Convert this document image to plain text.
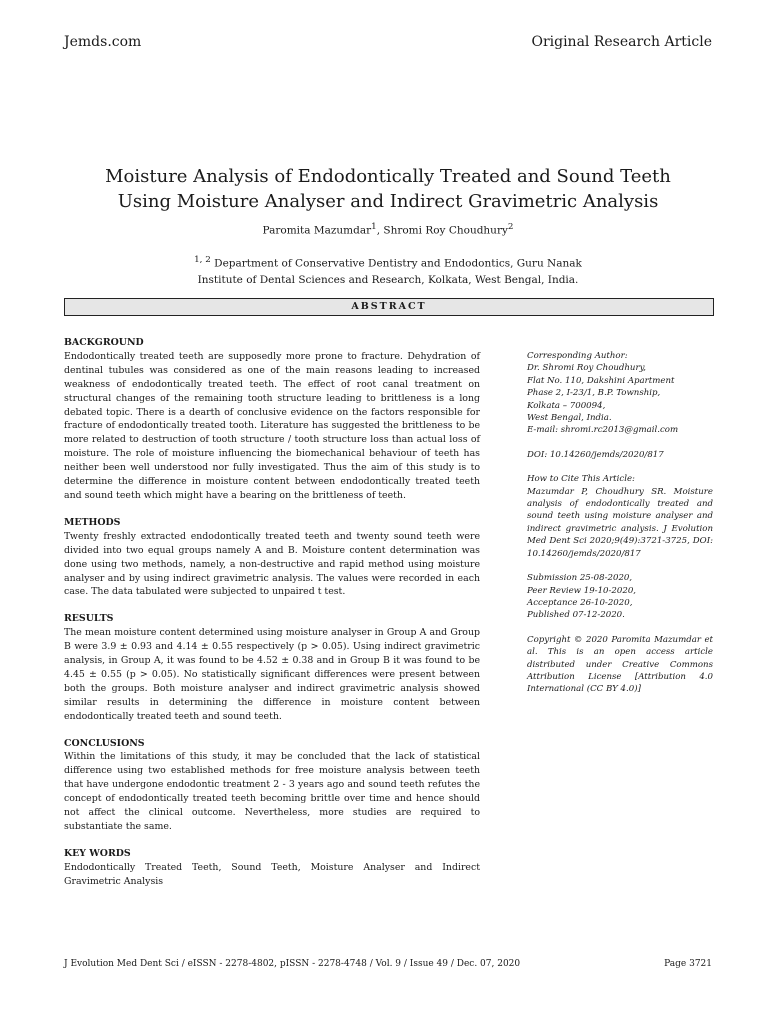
Jemds.com	Original Research Article
Moisture Analysis of Endodontically Treated and Sound Teeth
Using Moisture Analyser and Indirect Gravimetric Analysis
Paromita Mazumdar$^1$, Shromi Roy Choudhury$^2$
$^{1, 2}$ Department of Conservative Dentistry and Endodontics, Guru Nanak
Institute of Dental Sciences and Research, Kolkata, West Bengal, India.
ABSTRACT
BACKGROUND

Endodontically treated teeth are supposedly more prone to fracture. Dehydration of dentinal tubules was considered as one of the main reasons leading to increased weakness of endodontically treated teeth. The effect of root canal treatment on structural changes of the remaining tooth structure leading to brittleness is a long debated topic. There is a dearth of conclusive evidence on the factors responsible for fracture of endodontically treated tooth. Literature has suggested the brittleness to be more related to destruction of tooth structure / tooth structure loss than actual loss of moisture. The role of moisture influencing the biomechanical behaviour of teeth has neither been well understood nor fully investigated. Thus the aim of this study is to determine the difference in moisture content between endodontically treated teeth and sound teeth which might have a bearing on the brittleness of teeth.

METHODS

Twenty freshly extracted endodontically treated teeth and twenty sound teeth were divided into two equal groups namely A and B. Moisture content determination was done using two methods, namely, a non-destructive and rapid method using moisture analyser and by using indirect gravimetric analysis. The values were recorded in each case. The data tabulated were subjected to unpaired t test.

RESULTS

The mean moisture content determined using moisture analyser in Group A and Group B were 3.9 ± 0.93 and 4.14 ± 0.55 respectively (p > 0.05). Using indirect gravimetric analysis, in Group A, it was found to be 4.52 ± 0.38 and in Group B it was found to be 4.45 ± 0.55 (p > 0.05). No statistically significant differences were present between both the groups. Both moisture analyser and indirect gravimetric analysis showed similar results in determining the difference in moisture content between endodontically treated teeth and sound teeth.

CONCLUSIONS

Within the limitations of this study, it may be concluded that the lack of statistical difference using two established methods for free moisture analysis between teeth that have undergone endodontic treatment 2 - 3 years ago and sound teeth refutes the concept of endodontically treated teeth becoming brittle over time and hence should not affect the clinical outcome. Nevertheless, more studies are required to substantiate the same.

KEY WORDS

Endodontically Treated Teeth, Sound Teeth, Moisture Analyser and Indirect Gravimetric Analysis

Corresponding Author:
Dr. Shromi Roy Choudhury,
Flat No. 110, Dakshini Apartment
Phase 2, I-23/1, B.P. Township,
Kolkata – 700094,
West Bengal, India.
E-mail: shromi.rc2013@gmail.com
DOI: 10.14260/jemds/2020/817
How to Cite This Article:
Mazumdar P, Choudhury SR. Moisture analysis of endodontically treated and sound teeth using moisture analyser and indirect gravimetric analysis. J Evolution Med Dent Sci 2020;9(49):3721-3725, DOI: 10.14260/jemds/2020/817
Submission 25-08-2020,
Peer Review 19-10-2020,
Acceptance 26-10-2020,
Published 07-12-2020.
Copyright © 2020 Paromita Mazumdar et al. This is an open access article distributed under Creative Commons Attribution License [Attribution 4.0 International (CC BY 4.0)]
J Evolution Med Dent Sci / eISSN - 2278-4802, pISSN - 2278-4748 / Vol. 9 / Issue 49 / Dec. 07, 2020	Page 3721
